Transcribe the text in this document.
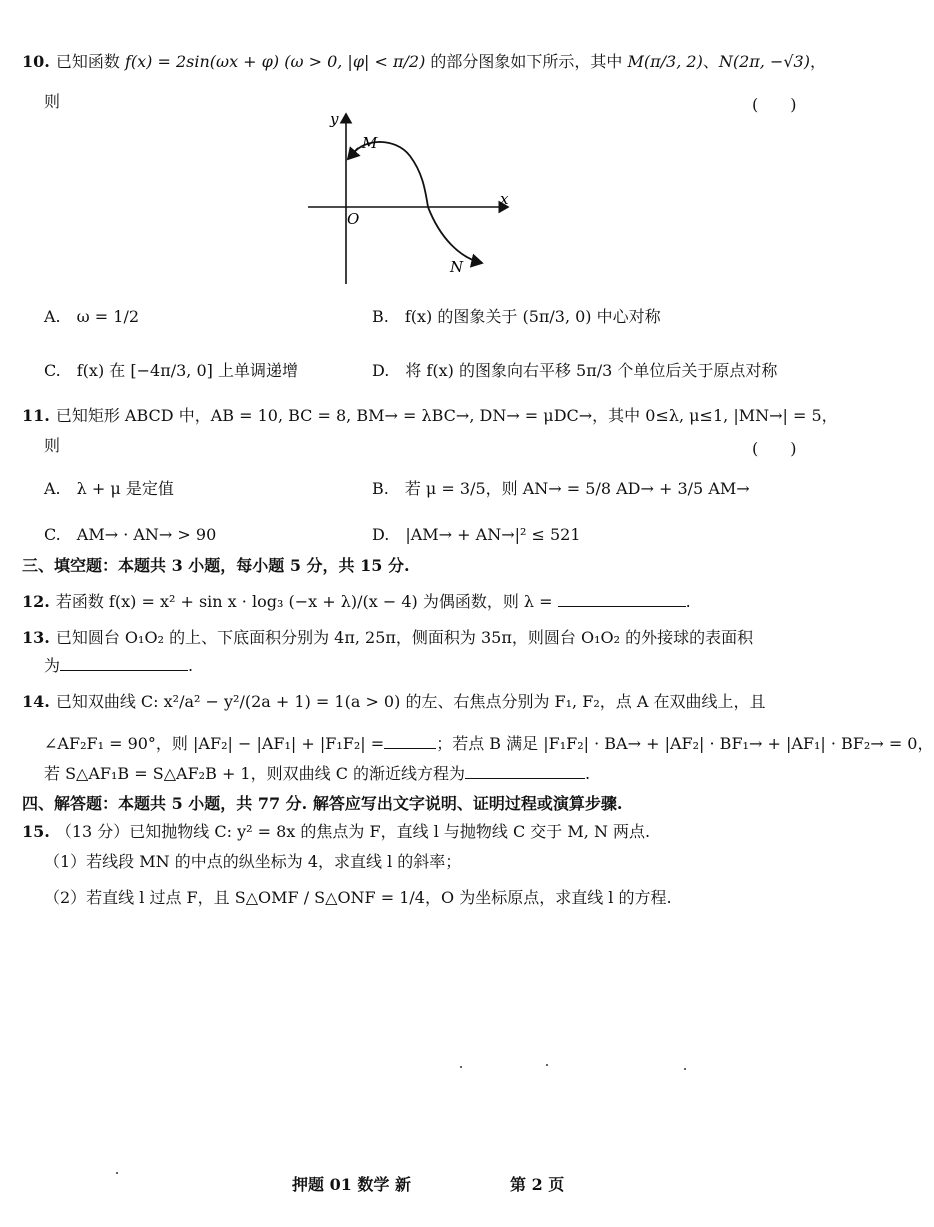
10. 已知函数 f(x) = 2sin(ωx + φ) (ω > 0, |φ| < π/2) 的部分图象如下所示，其中 M(π/3, 2)、N(2π, −√3)，
则	(　　)
y
x
O
M
N
A.　ω = 1/2	B.　f(x) 的图象关于 (5π/3, 0) 中心对称
C.　f(x) 在 [−4π/3, 0] 上单调递增	D.　将 f(x) 的图象向右平移 5π/3 个单位后关于原点对称
11. 已知矩形 ABCD 中，AB = 10, BC = 8, BM→ = λBC→, DN→ = μDC→，其中 0≤λ, μ≤1, |MN→| = 5，
则	(　　)
A.　λ + μ 是定值	B.　若 μ = 3/5，则 AN→ = 5/8 AD→ + 3/5 AM→
C.　AM→ · AN→ > 90	D.　|AM→ + AN→|² ≤ 521
三、填空题：本题共 3 小题，每小题 5 分，共 15 分.
12. 若函数 f(x) = x² + sin x · log₃ (−x + λ)/(x − 4) 为偶函数，则 λ =	.
13. 已知圆台 O₁O₂ 的上、下底面积分别为 4π, 25π，侧面积为 35π，则圆台 O₁O₂ 的外接球的表面积
为	.
14. 已知双曲线 C: x²/a² − y²/(2a + 1) = 1(a > 0) 的左、右焦点分别为 F₁, F₂，点 A 在双曲线上，且
∠AF₂F₁ = 90°，则 |AF₂| − |AF₁| + |F₁F₂| =	；若点 B 满足 |F₁F₂| · BA→ + |AF₂| · BF₁→ + |AF₁| · BF₂→ = 0，
若 S△AF₁B = S△AF₂B + 1，则双曲线 C 的渐近线方程为	.
四、解答题：本题共 5 小题，共 77 分. 解答应写出文字说明、证明过程或演算步骤.
15. （13 分）已知抛物线 C: y² = 8x 的焦点为 F，直线 l 与抛物线 C 交于 M, N 两点.
（1）若线段 MN 的中点的纵坐标为 4，求直线 l 的斜率；
（2）若直线 l 过点 F，且 S△OMF / S△ONF = 1/4，O 为坐标原点，求直线 l 的方程.
押题 01 数学 新	第 2 页
